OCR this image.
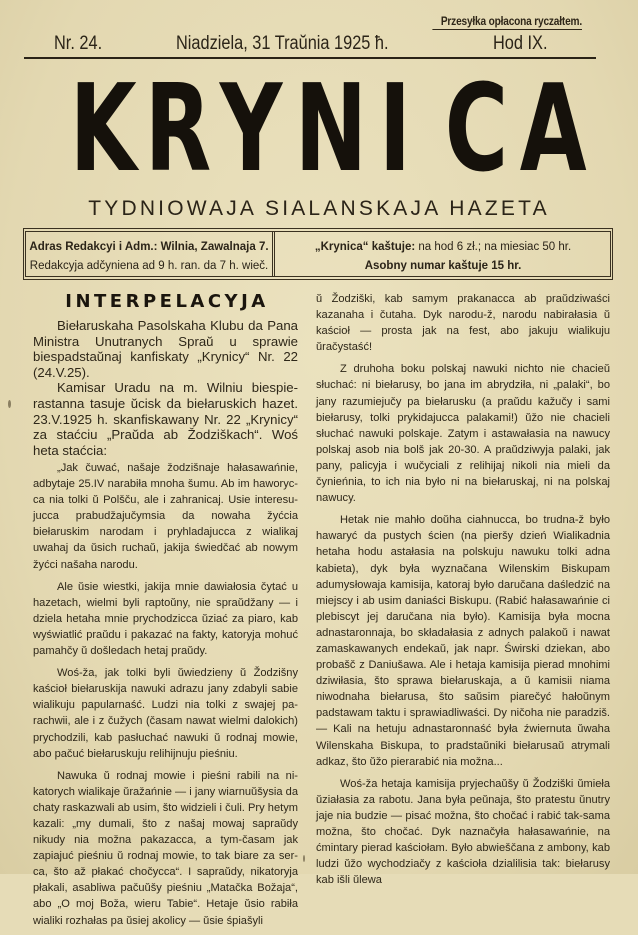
Przesyłka opłacona ryczałtem.
Nr. 24.	Niadziela, 31 Traŭnia 1925 ħ.	Hod IX.
K R Y N I C A
TYDNIOWAJA SIALANSKAJA HAZETA
Adras Redakcyi i Adm.: Wilnia, Zawalnaja 7.
Redakcyja adčyniena ad 9 h. ran. da 7 h. wieč.
„Krynica“ kaštuje: na hod 6 zł.; na miesiac 50 hr.
Asobny numar kaštuje 15 hr.
INTERPELACYJA

Biełaruskaha Pasolskaha Klubu da Pana Ministra Unutranych Spraŭ u sprawie biespadstaŭnaj kanfiskaty „Krynicy“ Nr. 22 (24.V.25).

Kamisar Uradu na m. Wilniu biespierastanna tasuje ŭcisk da biełaruskich hazet. 23.V.1925 h. skanfiskawany Nr. 22 „Krynicy“ za staćciu „Praŭda ab Žodziškach“. Woś heta staćcia:

„Jak čuwać, našaje žodzišnaje hałasawańnie, adbytaje 25.IV narabiła mnoha šumu. Ab im haworycca nia tolki ŭ Polšču, ale i zahranicaj. Usie interesujucca prabudžajučymsia da nowaha žyćcia biełaruskim narodam i pryhladajucca z wialikaj uwahaj da ŭsich ruchaŭ, jakija świedčać ab nowym žyćci našaha narodu.

Ale ŭsie wiestki, jakija mnie dawiałosia čytać u hazetach, wielmi byli raptoŭny, nie spraŭdžany — i dziela hetaha mnie prychodzicca ŭziać za piaro, kab wyświatlić praŭdu i pakazać na fakty, katoryja mohuć pamahčy ŭ došledach hetaj praŭdy.

Woś-ža, jak tolki byli ŭwiedzieny ŭ Žodzišny kaścioł biełaruskija nawuki adrazu jany zdabyli sabie wialikuju papularnaść. Ludzi nia tolki z swajej parachwii, ale i z čužych (časam nawat wielmi dalokich) prychodzili, kab pasłuchać nawuki ŭ rodnaj mowie, abo pačuć biełaruskuju relihijnuju pieśniu.

Nawuka ŭ rodnaj mowie i pieśni rabili na nikatorych wialikaje ŭražańnie — i jany wiarnuŭšysia da chaty raskazwali ab usim, što widzieli i čuli. Pry hetym kazali: „my dumali, što z našaj mowaj sapraŭdy nikudy nia možna pakazacca, a tym-časam jak zapiajuć pieśniu ŭ rodnaj mowie, to tak biare za serca, što až płakać chočycca“. I sapraŭdy, nikatoryja płakali, asabliwa pačuŭšy pieśniu „Matačka Božaja“, abo „O moj Boža, wieru Tabie“. Hetaje ŭsio rabiła wialiki rozhałas pa ŭsiej akolicy — ŭsie śpiašyli

ŭ Žodziški, kab samym prakanacca ab praŭdziwaści kazanaha i čutaha. Dyk narodu-ž, narodu nabirałasia ŭ kaścioł — prosta jak na fest, abo jakuju wialikuju ŭračystaść!

Z druhoha boku polskaj nawuki nichto nie chacieŭ słuchać: ni biełarusy, bo jana im abrydziła, ni „palaki“, bo jany razumiejučy pa biełarusku (a praŭdu kažučy i sami biełarusy, tolki prykidajucca palakami!) ŭžo nie chacieli słuchać nawuki polskaje. Zatym i astawałasia na nawucy polskaj asob nia bolš jak 20-30. A praŭdziwyja palaki, jak pany, palicyja i wučyciali z relihijaj nikoli nia mieli da čynieńnia, to ich nia było ni na biełaruskaj, ni na polskaj nawucy.

Hetak nie mahło doŭha ciahnucca, bo trudna-ž było hawaryć da pustych ścien (na pieršy dzień Wialikadnia hetaha hodu astałasia na polskuju nawuku tolki adna kabieta), dyk była wyznačana Wilenskim Biskupam adumysłowaja kamisija, katoraj było daručana daśledzić na miejscy i ab usim daniaści Biskupu. (Rabić hałasawańnie ci plebiscyt jej daručana nia było). Kamisija była mocna adnastaronnaja, bo składałasia z adnych palakoŭ i nawat zamaskawanych endekaŭ, jak napr. Świrski dziekan, abo probašč z Daniušawa. Ale i hetaja kamisija pierad mnohimi dziwiłasia, što sprawa biełaruskaja, a ŭ kamisii niama niwodnaha biełarusa, što saŭsim piarečyć hałoŭnym padstawam taktu i sprawiadliwaści. Dy ničoha nie paradziš. — Kali na hetuju adnastaronnaść była źwiernuta ŭwaha Wilenskaha Biskupa, to pradstaŭniki biełarusaŭ atrymali adkaz, što ŭžo pierarabić nia možna...

Woś-ža hetaja kamisija pryjechaŭšy ŭ Žodziški ŭmieła ŭziałasia za rabotu. Jana była peŭnaja, što pratestu ŭnutry jaje nia budzie — pisać možna, što chočać i rabić tak-sama možna, što chočać. Dyk naznačyła hałasawańnie, na ćmintary pierad kaściołam. Było abwieščana z ambony, kab ludzi ŭžo wychodziačy z kaścioła dzialilisia tak: biełarusy kab išli ŭlewa
